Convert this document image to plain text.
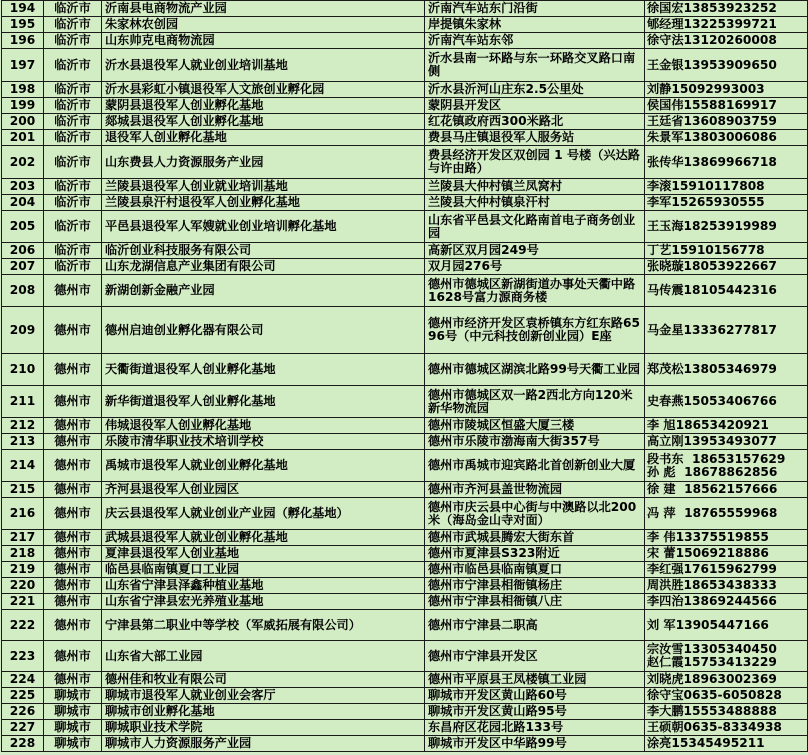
194	临沂市	沂南县电商物流产业园	沂南汽车站东门沿街	徐国宏13853923252

195	临沂市	朱家林农创园	岸提镇朱家林	郇经理13225399721

196	临沂市	山东帅克电商物流园	沂南汽车站东邻	徐守法13120260008

197	临沂市	沂水县退役军人就业创业培训基地	沂水县南一环路与东一环路交叉路口南侧	王金银13953909650

198	临沂市	沂水县彩虹小镇退役军人文旅创业孵化园	沂水县沂河山庄东2.5公里处	刘静15092993003

199	临沂市	蒙阴县退役军人创业孵化基地	蒙阴县开发区	侯国伟15588169917

200	临沂市	郯城县退役军人创业孵化基地	红花镇政府西300米路北	王廷省13608903759

201	临沂市	退役军人创业孵化基地	费县马庄镇退役军人服务站	朱景军13803006086

202	临沂市	山东费县人力资源服务产业园	费县经济开发区双创园 1 号楼（兴达路与许由路）	张传华13869966718

203	临沂市	兰陵县退役军人创业就业培训基地	兰陵县大仲村镇兰凤窝村	李滚15910117808

204	临沂市	兰陵县泉汗村退役军人创业孵化基地	兰陵县大仲村镇泉汗村	李军15265930555

205	临沂市	平邑县退役军人军嫂就业创业培训孵化基地	山东省平邑县文化路南首电子商务创业园	王玉海18253919989

206	临沂市	临沂创业科技服务有限公司	高新区双月园249号	丁艺15910156778

207	临沂市	山东龙湖信息产业集团有限公司	双月园276号	张晓璇18053922667

208	德州市	新湖创新金融产业园	德州市德城区新湖街道办事处天衢中路1628号富力源商务楼	马传震18105442316

209	德州市	德州启迪创业孵化器有限公司	德州市经济开发区袁桥镇东方红东路6596号（中元科技创新创业园）E座	马金星13336277817

210	德州市	天衢街道退役军人创业孵化基地	德州市德城区湖滨北路99号天衢工业园	郑茂松13805346979

211	德州市	新华街道退役军人创业孵化基地	德州市德城区双一路2西北方向120米新华物流园	史春燕15053406766

212	德州市	伟城退役军人创业孵化基地	德州市陵城区恒盛大厦三楼	李 旭18653420921

213	德州市	乐陵市清华职业技术培训学校	德州市乐陵市渤海南大街357号	高立刚13953493077

214	德州市	禹城市退役军人就业创业孵化基地	德州市禹城市迎宾路北首创新创业大厦	段书东  18653157629
孙 彪  18678862856

215	德州市	齐河县退役军人创业园区	德州市齐河县盖世物流园	徐 建  18562157666

216	德州市	庆云县退役军人就业创业产业园（孵化基地）	德州市庆云县中心街与中澳路以北200米（海岛金山寺对面）	冯 萍  18765559968

217	德州市	武城县退役军人就业创业孵化基地	德州市武城县腾宏大街东首	李 伟13375519855

218	德州市	夏津县退役军人创业基地	德州市夏津县S323附近	宋 蕾15069218886

219	德州市	临邑县临南镇夏口工业园	德州市临邑县临南镇夏口	李红强17615962799

220	德州市	山东省宁津县泽鑫种植业基地	德州市宁津县相衙镇杨庄	周洪胜18653438333

221	德州市	山东省宁津县宏光养殖业基地	德州市宁津县相衙镇八庄	李四治13869244566

222	德州市	宁津县第二职业中等学校（军威拓展有限公司）	德州市宁津县二职高	刘 军13905447166

223	德州市	山东省大部工业园	德州市宁津县开发区	宗汝雪13305340450
赵仁霞15753413229

224	德州市	德州佳和牧业有限公司	德州市平原县王凤楼镇工业园	刘晓虎18963002369

225	聊城市	聊城市退役军人就业创业会客厅	聊城市开发区黄山路60号	徐守宝0635-6050828

226	聊城市	聊城市创业孵化基地	聊城市开发区黄山路95号	李大鹏15553488888

227	聊城市	聊城职业技术学院	东昌府区花园北路133号	王硕朝0635-8334938

228	聊城市	聊城市人力资源服务产业园	聊城市开发区中华路99号	涂亮15345495211
